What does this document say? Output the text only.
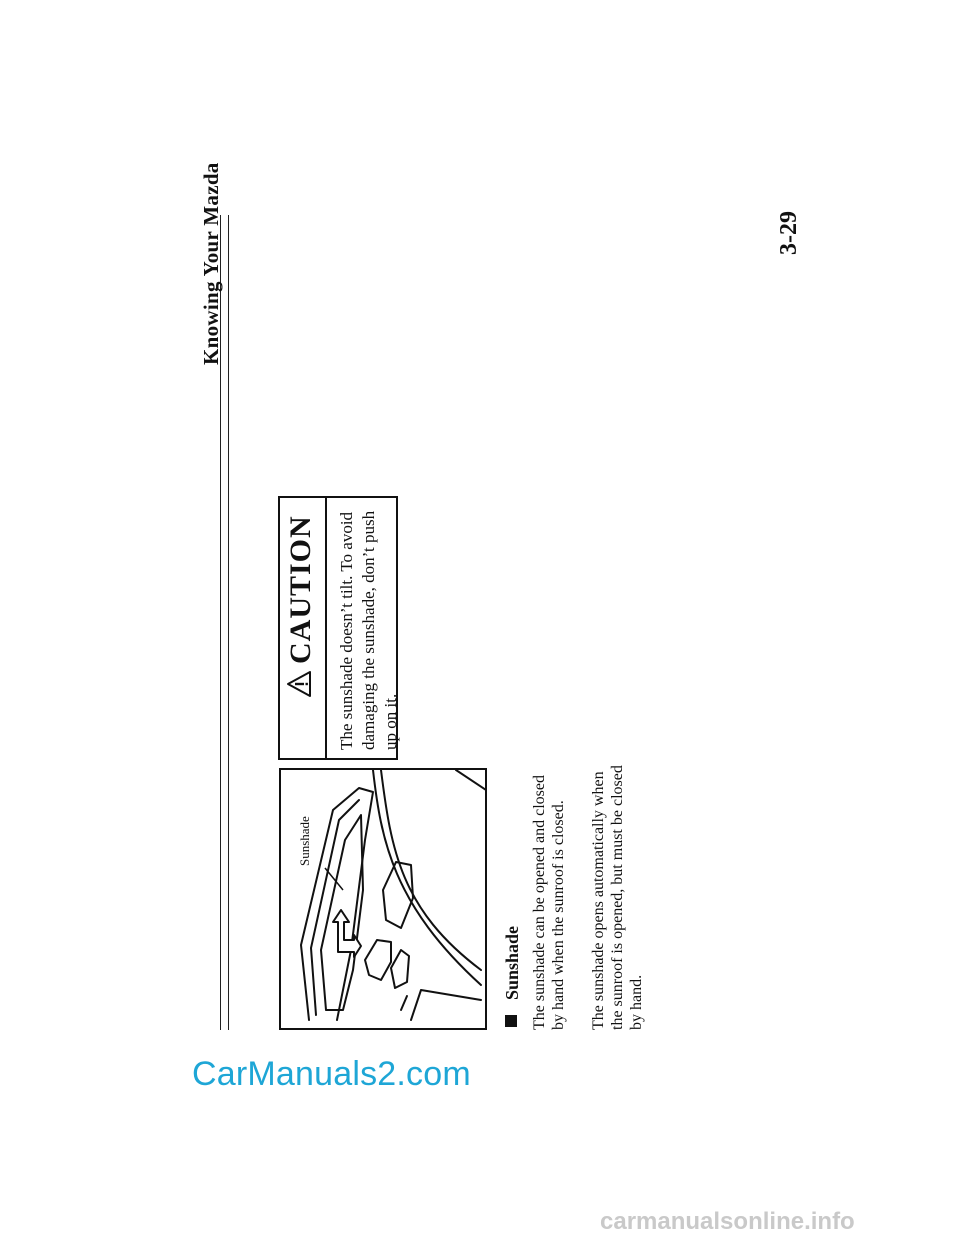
Knowing Your Mazda	3-29
Sunshade
CAUTION The sunshade doesn’t tilt. To avoid damaging the sunshade, don’t push up on it.
Sunshade The sunshade can be opened and closed by hand when the sunroof is closed. The sunshade opens automatically when the sunroof is opened, but must be closed by hand.
CarManuals2.com
carmanualsonline.info
